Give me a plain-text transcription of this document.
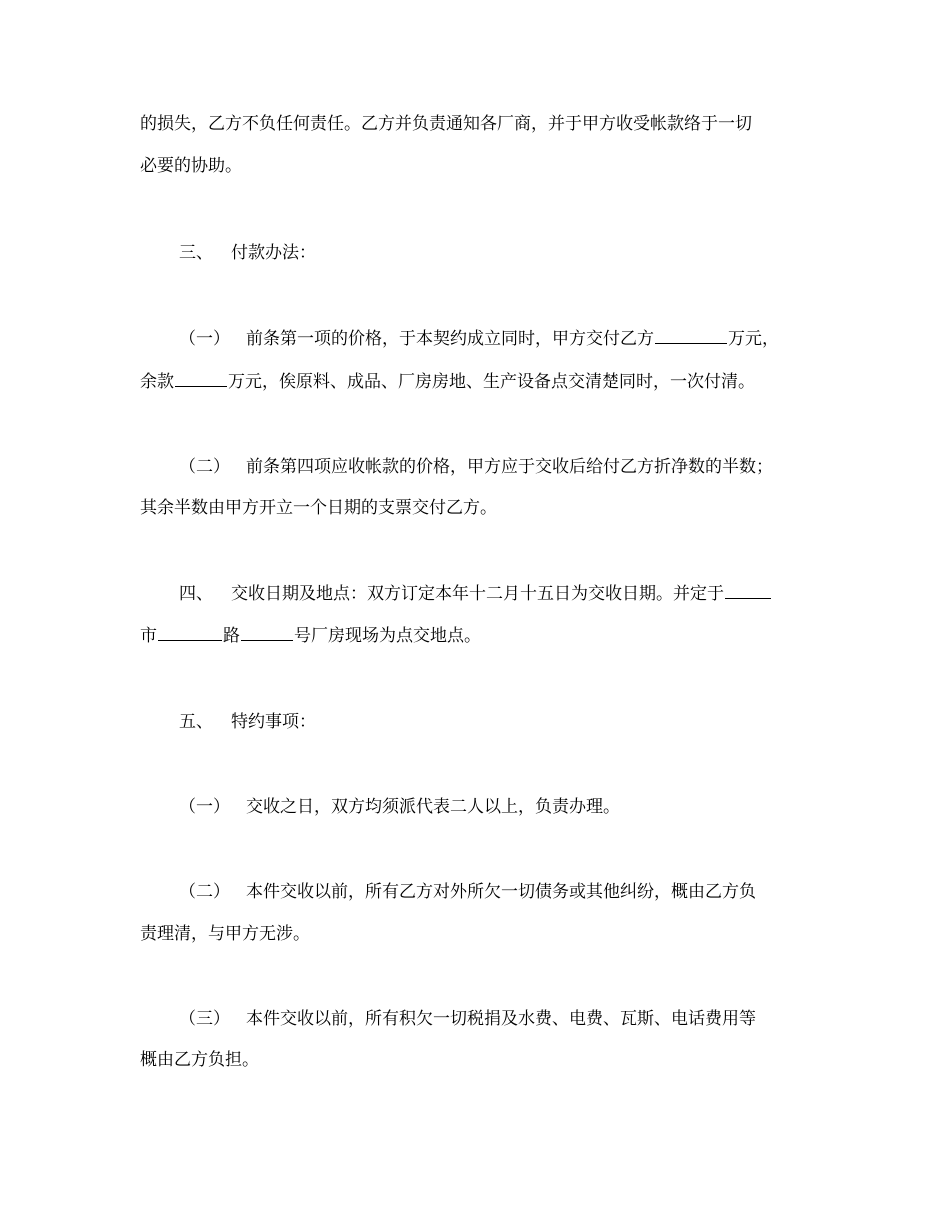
的损失，乙方不负任何责任。乙方并负责通知各厂商，并于甲方收受帐款络于一切
必要的协助。
三、 付款办法：
（一） 前条第一项的价格，于本契约成立同时，甲方交付乙方	万元，
余款	万元，俟原料、成品、厂房房地、生产设备点交清楚同时，一次付清。
（二） 前条第四项应收帐款的价格，甲方应于交收后给付乙方折净数的半数；
其余半数由甲方开立一个日期的支票交付乙方。
四、 交收日期及地点：双方订定本年十二月十五日为交收日期。并定于
市	路	号厂房现场为点交地点。
五、 特约事项：
（一） 交收之日，双方均须派代表二人以上，负责办理。
（二） 本件交收以前，所有乙方对外所欠一切债务或其他纠纷，概由乙方负
责理清，与甲方无涉。
（三） 本件交收以前，所有积欠一切税捐及水费、电费、瓦斯、电话费用等
概由乙方负担。
